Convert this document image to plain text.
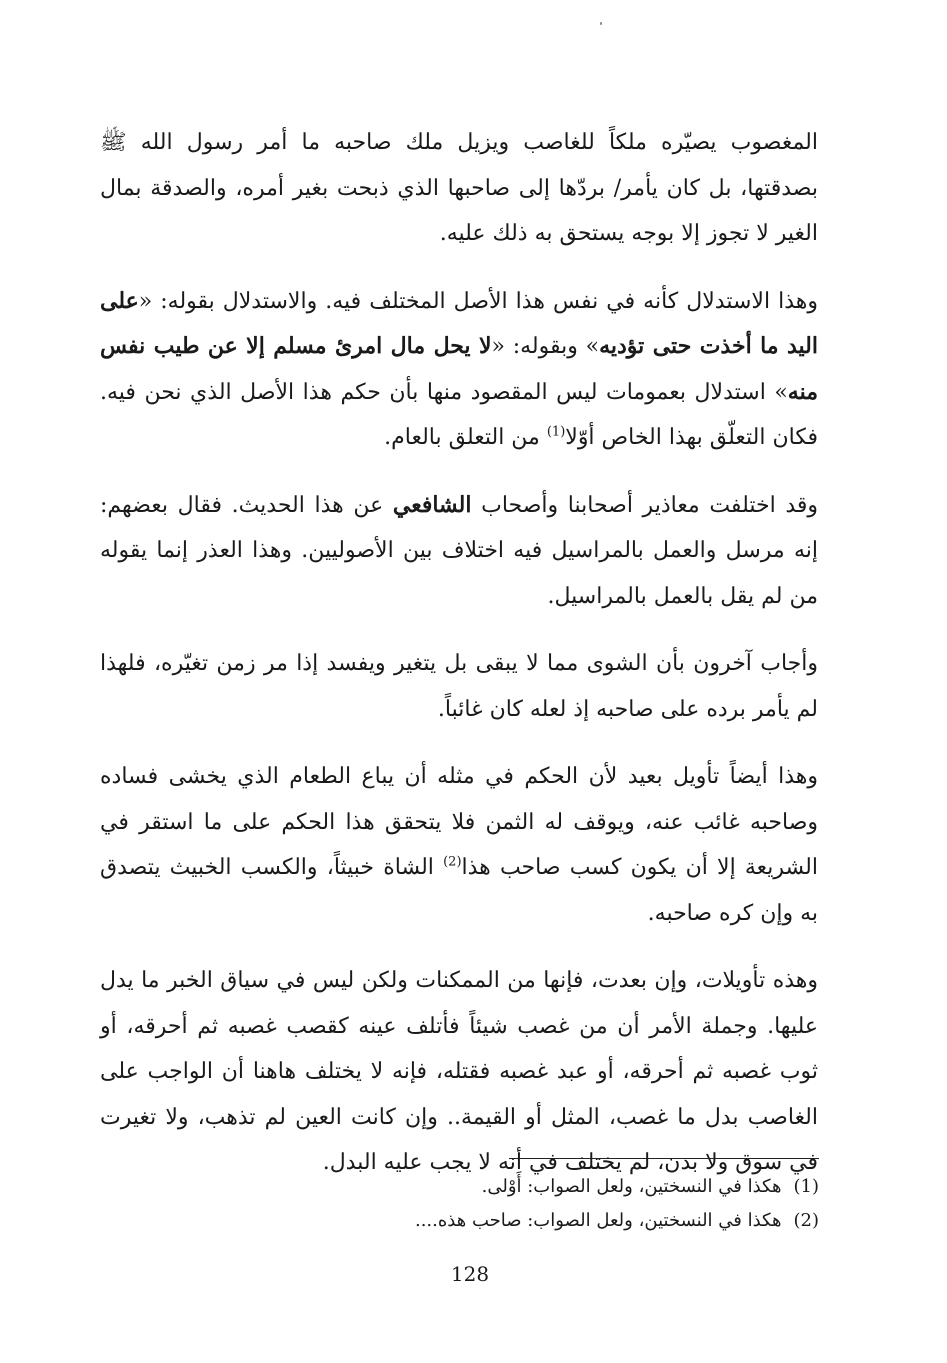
المغصوب يصيّره ملكاً للغاصب ويزيل ملك صاحبه ما أمر رسول الله ﷺ بصدقتها، بل كان يأمر/ بردّها إلى صاحبها الذي ذبحت بغير أمره، والصدقة بمال الغير لا تجوز إلا بوجه يستحق به ذلك عليه.

وهذا الاستدلال كأنه في نفس هذا الأصل المختلف فيه. والاستدلال بقوله: «على اليد ما أخذت حتى تؤديه» وبقوله: «لا يحل مال امرئ مسلم إلا عن طيب نفس منه» استدلال بعمومات ليس المقصود منها بأن حكم هذا الأصل الذي نحن فيه. فكان التعلّق بهذا الخاص أوّلا$^{(1)}$ من التعلق بالعام.

وقد اختلفت معاذير أصحابنا وأصحاب الشافعي عن هذا الحديث. فقال بعضهم: إنه مرسل والعمل بالمراسيل فيه اختلاف بين الأصوليين. وهذا العذر إنما يقوله من لم يقل بالعمل بالمراسيل.

وأجاب آخرون بأن الشوى مما لا يبقى بل يتغير ويفسد إذا مر زمن تغيّره، فلهذا لم يأمر برده على صاحبه إذ لعله كان غائباً.

وهذا أيضاً تأويل بعيد لأن الحكم في مثله أن يباع الطعام الذي يخشى فساده وصاحبه غائب عنه، ويوقف له الثمن فلا يتحقق هذا الحكم على ما استقر في الشريعة إلا أن يكون كسب صاحب هذا$^{(2)}$ الشاة خبيثاً، والكسب الخبيث يتصدق به وإن كره صاحبه.

وهذه تأويلات، وإن بعدت، فإنها من الممكنات ولكن ليس في سياق الخبر ما يدل عليها. وجملة الأمر أن من غصب شيئاً فأتلف عينه كقصب غصبه ثم أحرقه، أو ثوب غصبه ثم أحرقه، أو عبد غصبه فقتله، فإنه لا يختلف هاهنا أن الواجب على الغاصب بدل ما غصب، المثل أو القيمة.. وإن كانت العين لم تذهب، ولا تغيرت في سوق ولا بدن، لم يختلف في أنه لا يجب عليه البدل.

(1)هكذا في النسختين، ولعل الصواب: أَوْلى.
(2)هكذا في النسختين، ولعل الصواب: صاحب هذه....
128
